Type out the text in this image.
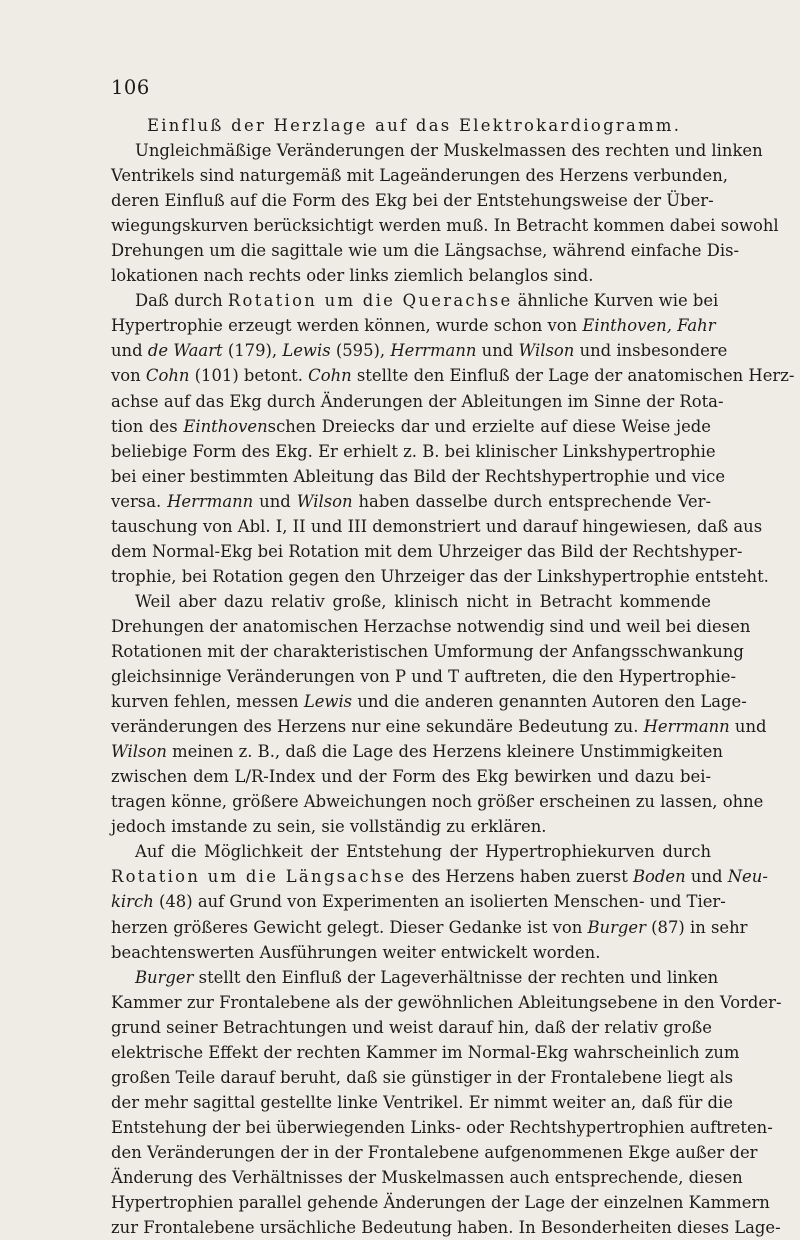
106
Einfluß der Herzlage auf das Elektrokardiogramm.
Ungleichmäßige Veränderungen der Muskelmassen des rechten und linken
Ventrikels sind naturgemäß mit Lageänderungen des Herzens verbunden,
deren Einfluß auf die Form des Ekg bei der Entstehungsweise der Über-
wiegungskurven berücksichtigt werden muß. In Betracht kommen dabei sowohl
Drehungen um die sagittale wie um die Längsachse, während einfache Dis-
lokationen nach rechts oder links ziemlich belanglos sind.
Daß durch Rotation um die Querachse ähnliche Kurven wie bei
Hypertrophie erzeugt werden können, wurde schon von Einthoven, Fahr
und de Waart (179), Lewis (595), Herrmann und Wilson und insbesondere
von Cohn (101) betont. Cohn stellte den Einfluß der Lage der anatomischen Herz-
achse auf das Ekg durch Änderungen der Ableitungen im Sinne der Rota-
tion des Einthovenschen Dreiecks dar und erzielte auf diese Weise jede
beliebige Form des Ekg. Er erhielt z. B. bei klinischer Linkshypertrophie
bei einer bestimmten Ableitung das Bild der Rechtshypertrophie und vice
versa. Herrmann und Wilson haben dasselbe durch entsprechende Ver-
tauschung von Abl. I, II und III demonstriert und darauf hingewiesen, daß aus
dem Normal-Ekg bei Rotation mit dem Uhrzeiger das Bild der Rechtshyper-
trophie, bei Rotation gegen den Uhrzeiger das der Linkshypertrophie entsteht.
Weil aber dazu relativ große, klinisch nicht in Betracht kommende
Drehungen der anatomischen Herzachse notwendig sind und weil bei diesen
Rotationen mit der charakteristischen Umformung der Anfangsschwankung
gleichsinnige Veränderungen von P und T auftreten, die den Hypertrophie-
kurven fehlen, messen Lewis und die anderen genannten Autoren den Lage-
veränderungen des Herzens nur eine sekundäre Bedeutung zu. Herrmann und
Wilson meinen z. B., daß die Lage des Herzens kleinere Unstimmigkeiten
zwischen dem L/R-Index und der Form des Ekg bewirken und dazu bei-
tragen könne, größere Abweichungen noch größer erscheinen zu lassen, ohne
jedoch imstande zu sein, sie vollständig zu erklären.
Auf die Möglichkeit der Entstehung der Hypertrophiekurven durch
Rotation um die Längsachse des Herzens haben zuerst Boden und Neu-
kirch (48) auf Grund von Experimenten an isolierten Menschen- und Tier-
herzen größeres Gewicht gelegt. Dieser Gedanke ist von Burger (87) in sehr
beachtenswerten Ausführungen weiter entwickelt worden.
Burger stellt den Einfluß der Lageverhältnisse der rechten und linken
Kammer zur Frontalebene als der gewöhnlichen Ableitungsebene in den Vorder-
grund seiner Betrachtungen und weist darauf hin, daß der relativ große
elektrische Effekt der rechten Kammer im Normal-Ekg wahrscheinlich zum
großen Teile darauf beruht, daß sie günstiger in der Frontalebene liegt als
der mehr sagittal gestellte linke Ventrikel. Er nimmt weiter an, daß für die
Entstehung der bei überwiegenden Links- oder Rechtshypertrophien auftreten-
den Veränderungen der in der Frontalebene aufgenommenen Ekge außer der
Änderung des Verhältnisses der Muskelmassen auch entsprechende, diesen
Hypertrophien parallel gehende Änderungen der Lage der einzelnen Kammern
zur Frontalebene ursächliche Bedeutung haben. In Besonderheiten dieses Lage-
